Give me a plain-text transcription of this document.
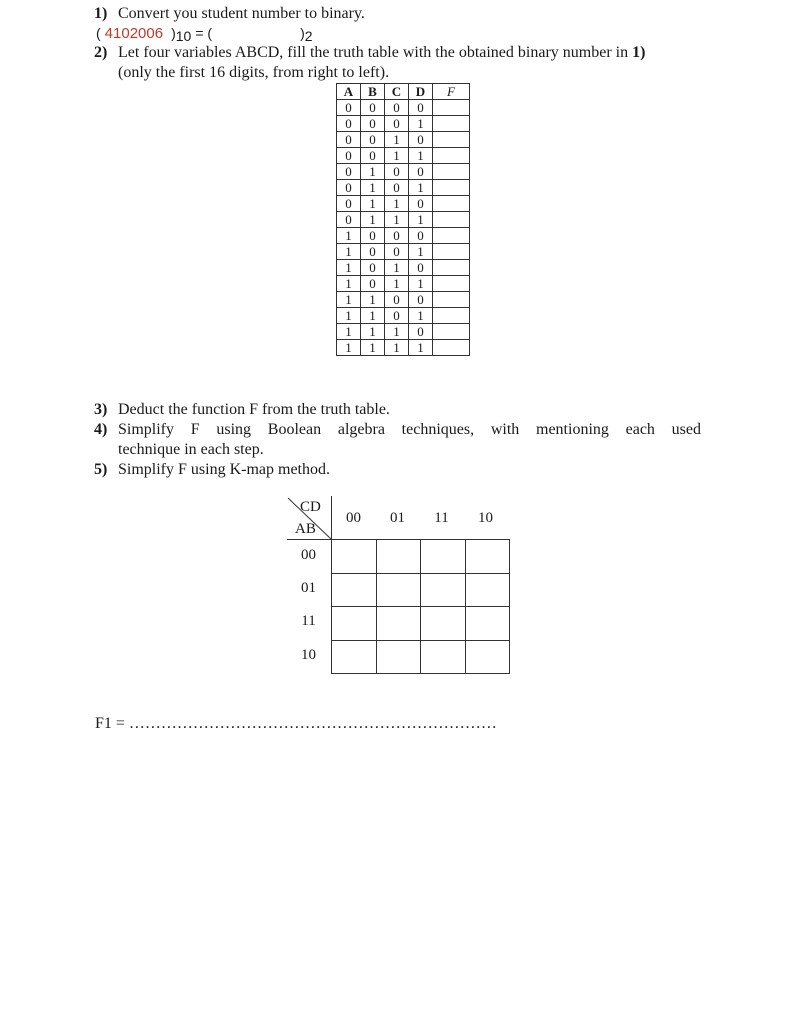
1) Convert you student number to binary.
( 4102006 )10 = (	)2
2) Let four variables ABCD, fill the truth table with the obtained binary number in 1)
(only the first 16 digits, from right to left).
A	B	C	D	F
0	0	0	0	
0	0	0	1	
0	0	1	0	
0	0	1	1	
0	1	0	0	
0	1	0	1	
0	1	1	0	
0	1	1	1	
1	0	0	0	
1	0	0	1	
1	0	1	0	
1	0	1	1	
1	1	0	0	
1	1	0	1	
1	1	1	0	
1	1	1	1	
3) Deduct the function F from the truth table.
4) Simplify F using Boolean algebra techniques, with mentioning each used
technique in each step.
5) Simplify F using K-map method.
CD
AB
00	01	11	10
00
01
11
10
F1 = ……………………………………………………………
